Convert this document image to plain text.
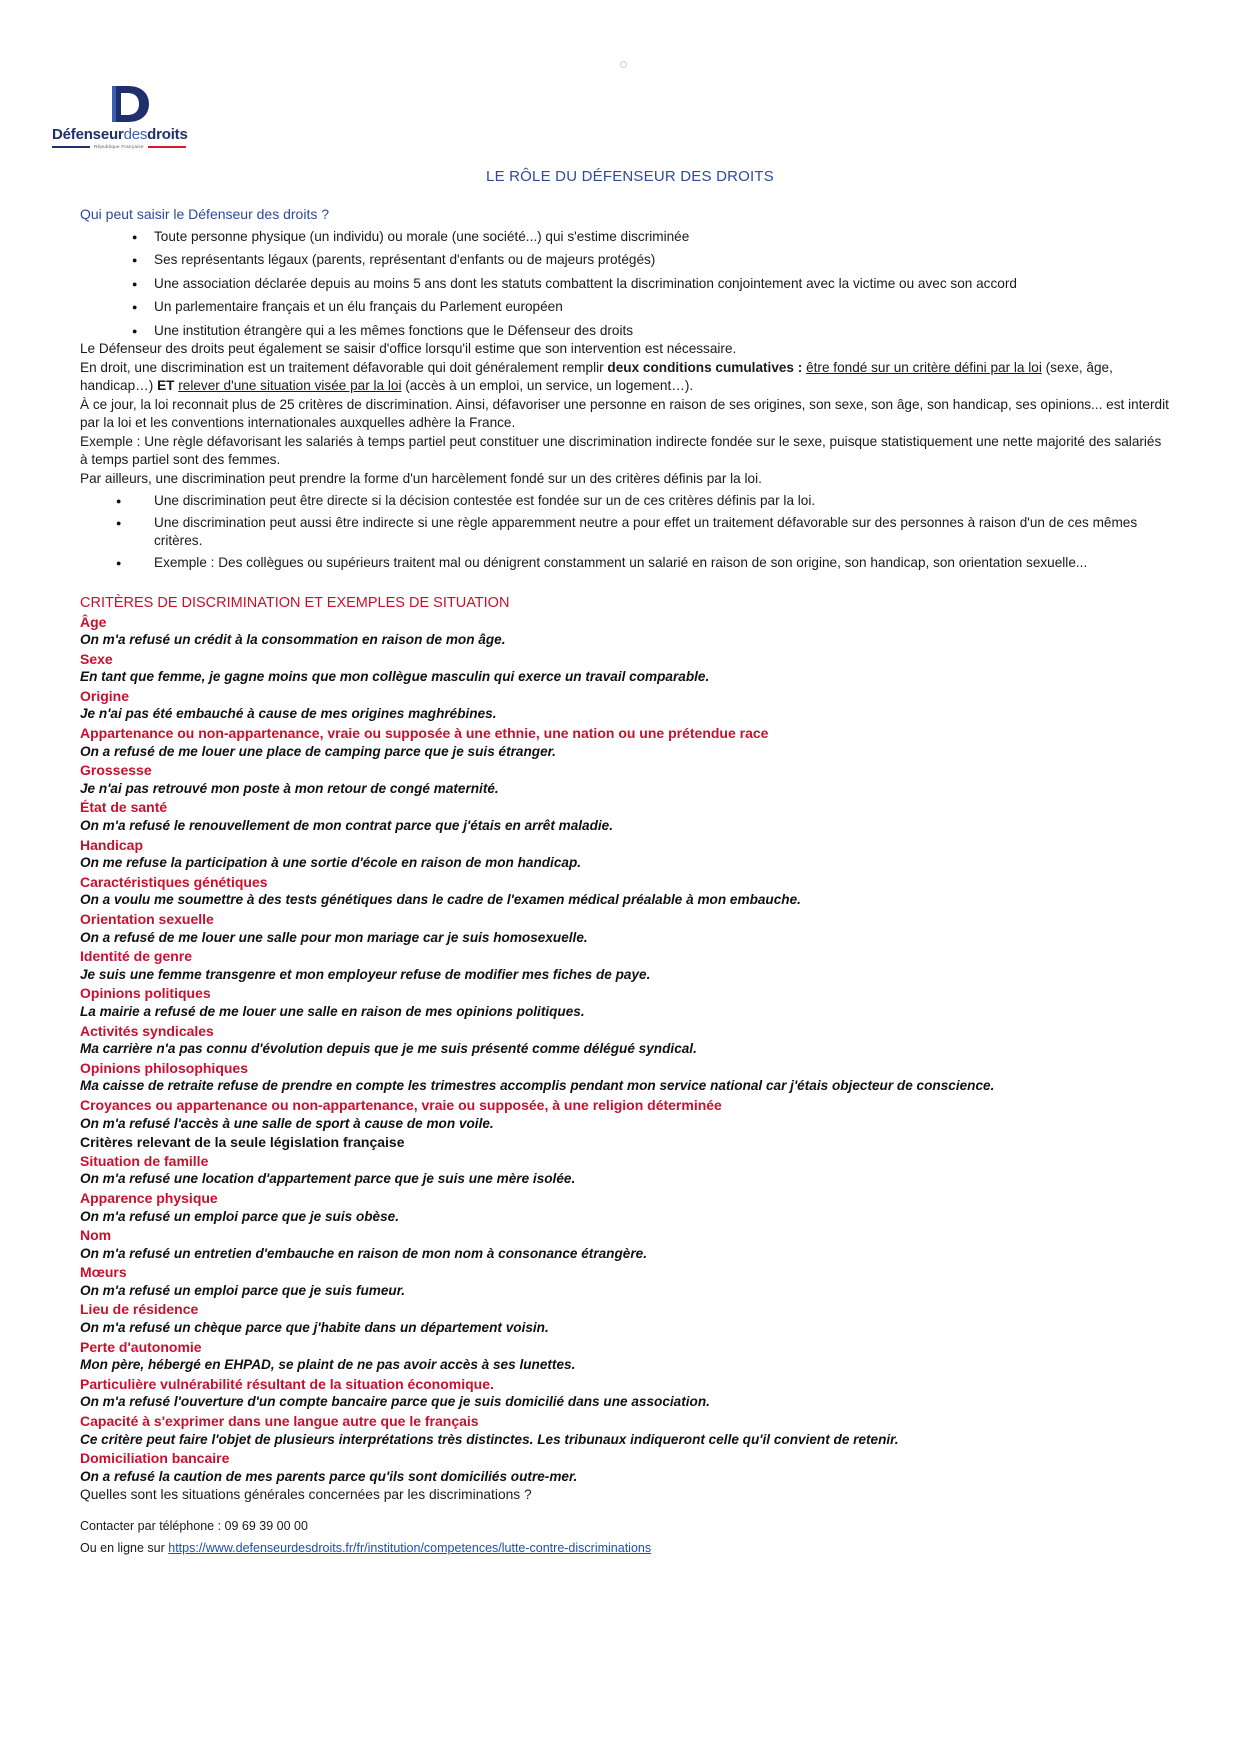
Défenseurdesdroits
République Française
LE RÔLE DU DÉFENSEUR DES DROITS
Qui peut saisir le Défenseur des droits ?
● Toute personne physique (un individu) ou morale (une société...) qui s'estime discriminée
● Ses représentants légaux (parents, représentant d'enfants ou de majeurs protégés)
● Une association déclarée depuis au moins 5 ans dont les statuts combattent la discrimination conjointement avec la victime ou avec son accord
● Un parlementaire français et un élu français du Parlement européen
● Une institution étrangère qui a les mêmes fonctions que le Défenseur des droits

Le Défenseur des droits peut également se saisir d'office lorsqu'il estime que son intervention est nécessaire.

En droit, une discrimination est un traitement défavorable qui doit généralement remplir deux conditions cumulatives : être fondé sur un critère défini par la loi (sexe, âge, handicap…) ET relever d'une situation visée par la loi (accès à un emploi, un service, un logement…).

À ce jour, la loi reconnait plus de 25 critères de discrimination. Ainsi, défavoriser une personne en raison de ses origines, son sexe, son âge, son handicap, ses opinions... est interdit par la loi et les conventions internationales auxquelles adhère la France.

Exemple : Une règle défavorisant les salariés à temps partiel peut constituer une discrimination indirecte fondée sur le sexe, puisque statistiquement une nette majorité des salariés à temps partiel sont des femmes.

Par ailleurs, une discrimination peut prendre la forme d'un harcèlement fondé sur un des critères définis par la loi.

● Une discrimination peut être directe si la décision contestée est fondée sur un de ces critères définis par la loi.
● Une discrimination peut aussi être indirecte si une règle apparemment neutre a pour effet un traitement défavorable sur des personnes à raison d'un de ces mêmes critères.
● Exemple : Des collègues ou supérieurs traitent mal ou dénigrent constamment un salarié en raison de son origine, son handicap, son orientation sexuelle...
CRITÈRES DE DISCRIMINATION ET EXEMPLES DE SITUATION
Âge
On m'a refusé un crédit à la consommation en raison de mon âge.
Sexe
En tant que femme, je gagne moins que mon collègue masculin qui exerce un travail comparable.
Origine
Je n'ai pas été embauché à cause de mes origines maghrébines.
Appartenance ou non-appartenance, vraie ou supposée à une ethnie, une nation ou une prétendue race
On a refusé de me louer une place de camping parce que je suis étranger.
Grossesse
Je n'ai pas retrouvé mon poste à mon retour de congé maternité.
État de santé
On m'a refusé le renouvellement de mon contrat parce que j'étais en arrêt maladie.
Handicap
On me refuse la participation à une sortie d'école en raison de mon handicap.
Caractéristiques génétiques
On a voulu me soumettre à des tests génétiques dans le cadre de l'examen médical préalable à mon embauche.
Orientation sexuelle
On a refusé de me louer une salle pour mon mariage car je suis homosexuelle.
Identité de genre
Je suis une femme transgenre et mon employeur refuse de modifier mes fiches de paye.
Opinions politiques
La mairie a refusé de me louer une salle en raison de mes opinions politiques.
Activités syndicales
Ma carrière n'a pas connu d'évolution depuis que je me suis présenté comme délégué syndical.
Opinions philosophiques
Ma caisse de retraite refuse de prendre en compte les trimestres accomplis pendant mon service national car j'étais objecteur de conscience.
Croyances ou appartenance ou non-appartenance, vraie ou supposée, à une religion déterminée
On m'a refusé l'accès à une salle de sport à cause de mon voile.
Critères relevant de la seule législation française
Situation de famille
On m'a refusé une location d'appartement parce que je suis une mère isolée.
Apparence physique
On m'a refusé un emploi parce que je suis obèse.
Nom
On m'a refusé un entretien d'embauche en raison de mon nom à consonance étrangère.
Mœurs
On m'a refusé un emploi parce que je suis fumeur.
Lieu de résidence
On m'a refusé un chèque parce que j'habite dans un département voisin.
Perte d'autonomie
Mon père, hébergé en EHPAD, se plaint de ne pas avoir accès à ses lunettes.
Particulière vulnérabilité résultant de la situation économique.
On m'a refusé l'ouverture d'un compte bancaire parce que je suis domicilié dans une association.
Capacité à s'exprimer dans une langue autre que le français
Ce critère peut faire l'objet de plusieurs interprétations très distinctes. Les tribunaux indiqueront celle qu'il convient de retenir.
Domiciliation bancaire
On a refusé la caution de mes parents parce qu'ils sont domiciliés outre-mer.
Quelles sont les situations générales concernées par les discriminations ?
Contacter par téléphone : 09 69 39 00 00
Ou en ligne sur https://www.defenseurdesdroits.fr/fr/institution/competences/lutte-contre-discriminations
